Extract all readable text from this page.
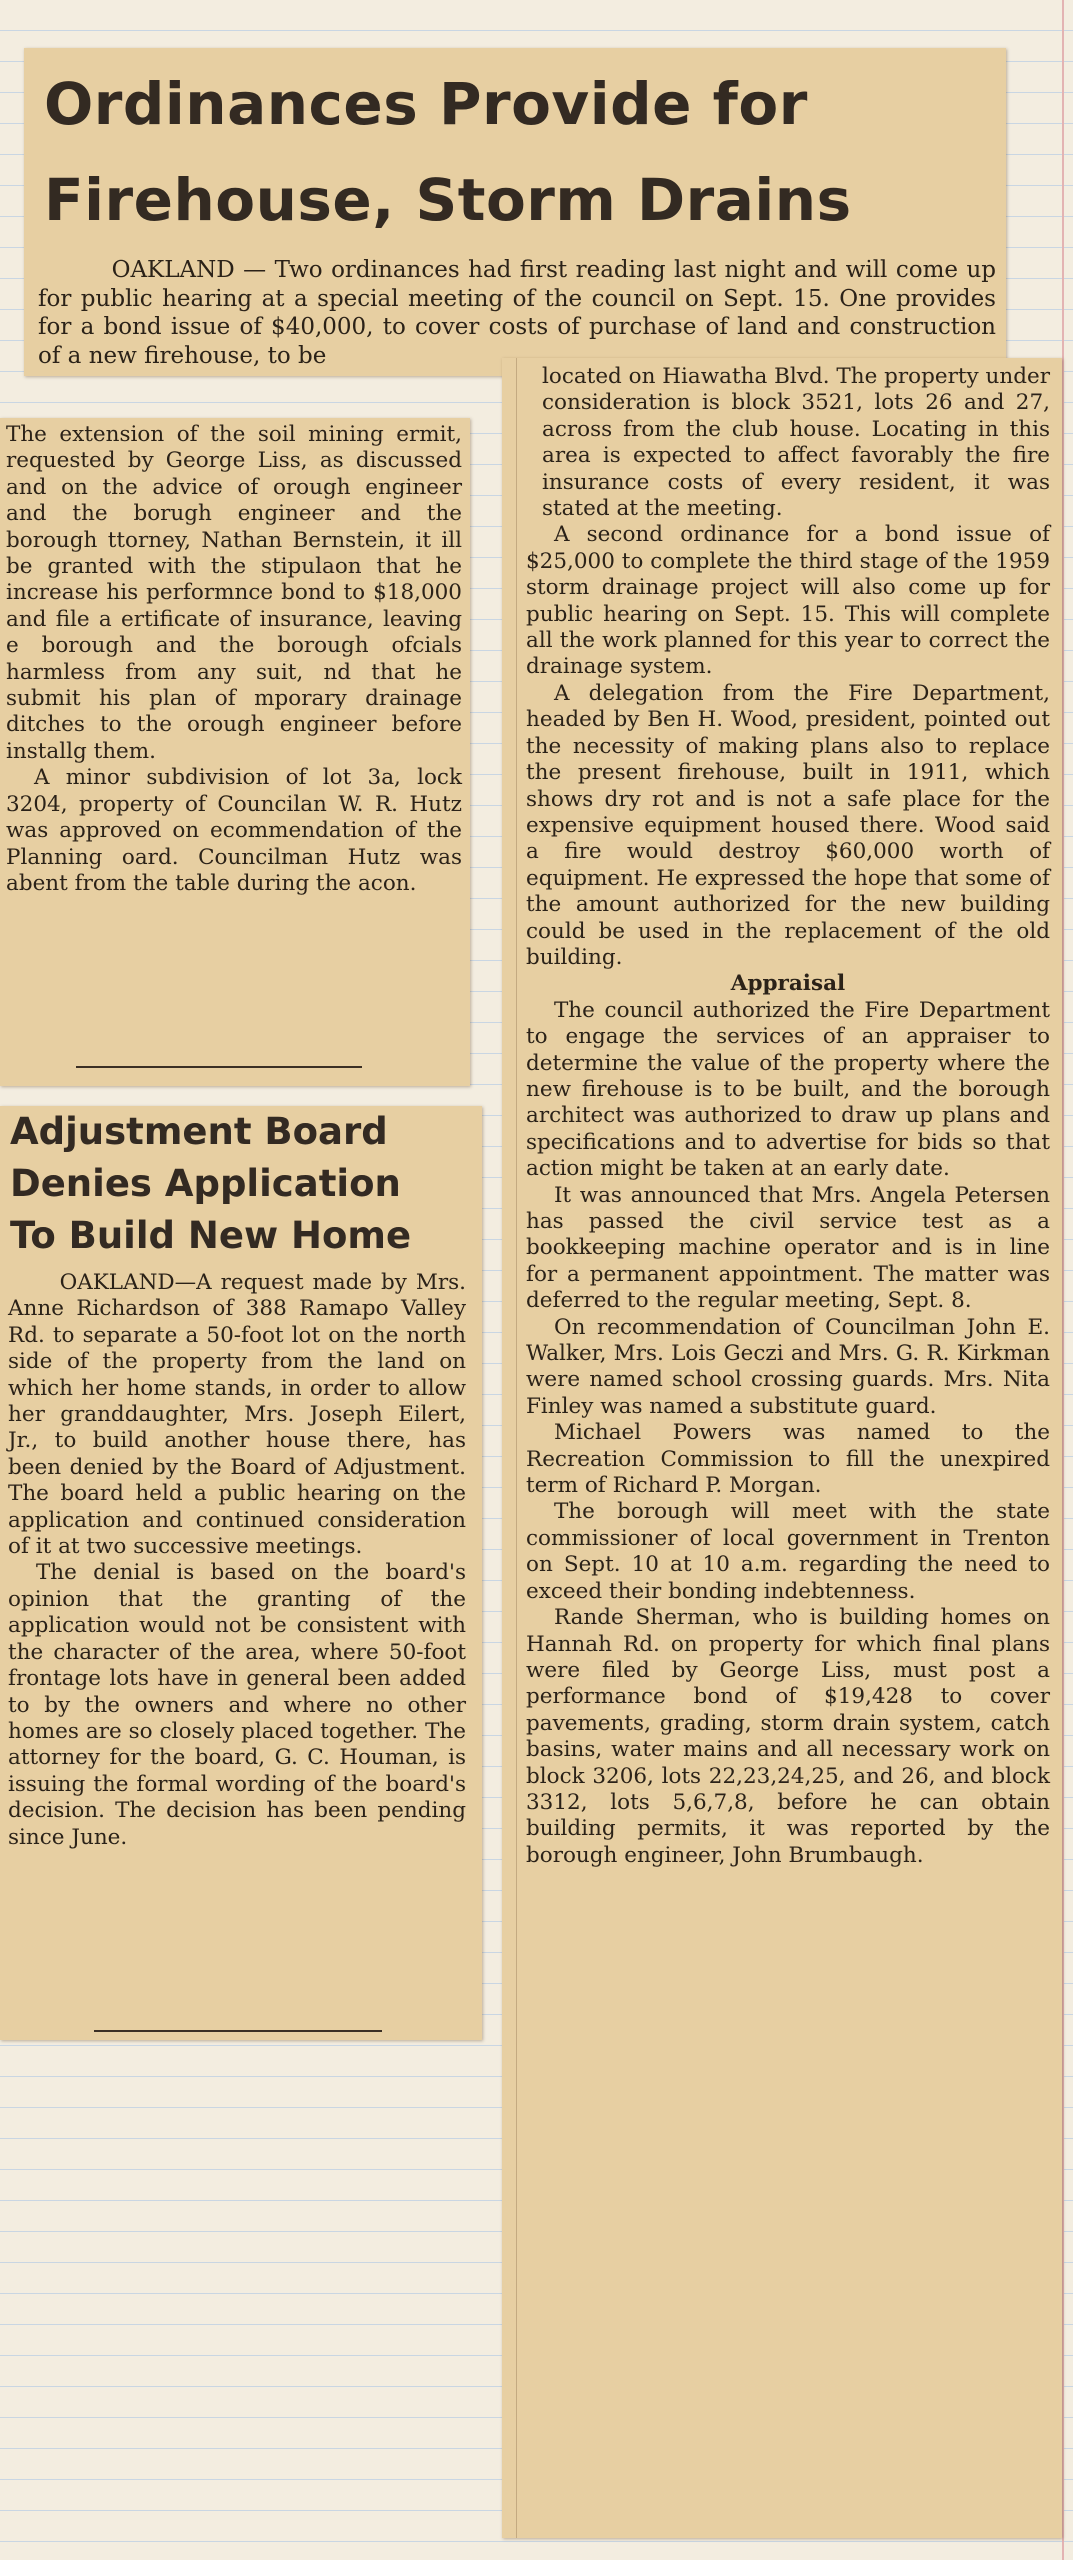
Ordinances Provide for
Firehouse, Storm Drains

OAKLAND — Two ordinances had first reading last night and will come up for public hearing at a special meeting of the council on Sept. 15. One provides for a bond issue of $40,000, to cover costs of purchase of land and construction of a new firehouse, to be

located on Hiawatha Blvd. The property under consideration is block 3521, lots 26 and 27, across from the club house. Locating in this area is expected to affect favorably the fire insurance costs of every resident, it was stated at the meeting.

A second ordinance for a bond issue of $25,000 to complete the third stage of the 1959 storm drainage project will also come up for public hearing on Sept. 15. This will complete all the work planned for this year to correct the drainage system.

A delegation from the Fire Department, headed by Ben H. Wood, president, pointed out the necessity of making plans also to replace the present firehouse, built in 1911, which shows dry rot and is not a safe place for the expensive equipment housed there. Wood said a fire would destroy $60,000 worth of equipment. He expressed the hope that some of the amount authorized for the new building could be used in the replacement of the old building.

Appraisal

The council authorized the Fire Department to engage the services of an appraiser to determine the value of the property where the new firehouse is to be built, and the borough architect was authorized to draw up plans and specifications and to advertise for bids so that action might be taken at an early date.

It was announced that Mrs. Angela Petersen has passed the civil service test as a bookkeeping machine operator and is in line for a permanent appointment. The matter was deferred to the regular meeting, Sept. 8.

On recommendation of Councilman John E. Walker, Mrs. Lois Geczi and Mrs. G. R. Kirkman were named school crossing guards. Mrs. Nita Finley was named a substitute guard.

Michael Powers was named to the Recreation Commission to fill the unexpired term of Richard P. Morgan.

The borough will meet with the state commissioner of local government in Trenton on Sept. 10 at 10 a.m. regarding the need to exceed their bonding indebtenness.

Rande Sherman, who is building homes on Hannah Rd. on property for which final plans were filed by George Liss, must post a performance bond of $19,428 to cover pavements, grading, storm drain system, catch basins, water mains and all necessary work on block 3206, lots 22,23,24,25, and 26, and block 3312, lots 5,6,7,8, before he can obtain building permits, it was reported by the borough engineer, John Brumbaugh.

The extension of the soil mining ermit, requested by George Liss, as discussed and on the advice of orough engineer and the borugh engineer and the borough ttorney, Nathan Bernstein, it ill be granted with the stipulaon that he increase his performnce bond to $18,000 and file a ertificate of insurance, leaving e borough and the borough ofcials harmless from any suit, nd that he submit his plan of mporary drainage ditches to the orough engineer before installg them.

A minor subdivision of lot 3a, lock 3204, property of Councilan W. R. Hutz was approved on ecommendation of the Planning oard. Councilman Hutz was abent from the table during the acon.

Adjustment Board
Denies Application
To Build New Home

OAKLAND—A request made by Mrs. Anne Richardson of 388 Ramapo Valley Rd. to separate a 50-foot lot on the north side of the property from the land on which her home stands, in order to allow her granddaughter, Mrs. Joseph Eilert, Jr., to build another house there, has been denied by the Board of Adjustment. The board held a public hearing on the application and continued consideration of it at two successive meetings.

The denial is based on the board's opinion that the granting of the application would not be consistent with the character of the area, where 50-foot frontage lots have in general been added to by the owners and where no other homes are so closely placed together. The attorney for the board, G. C. Houman, is issuing the formal wording of the board's decision. The decision has been pending since June.
